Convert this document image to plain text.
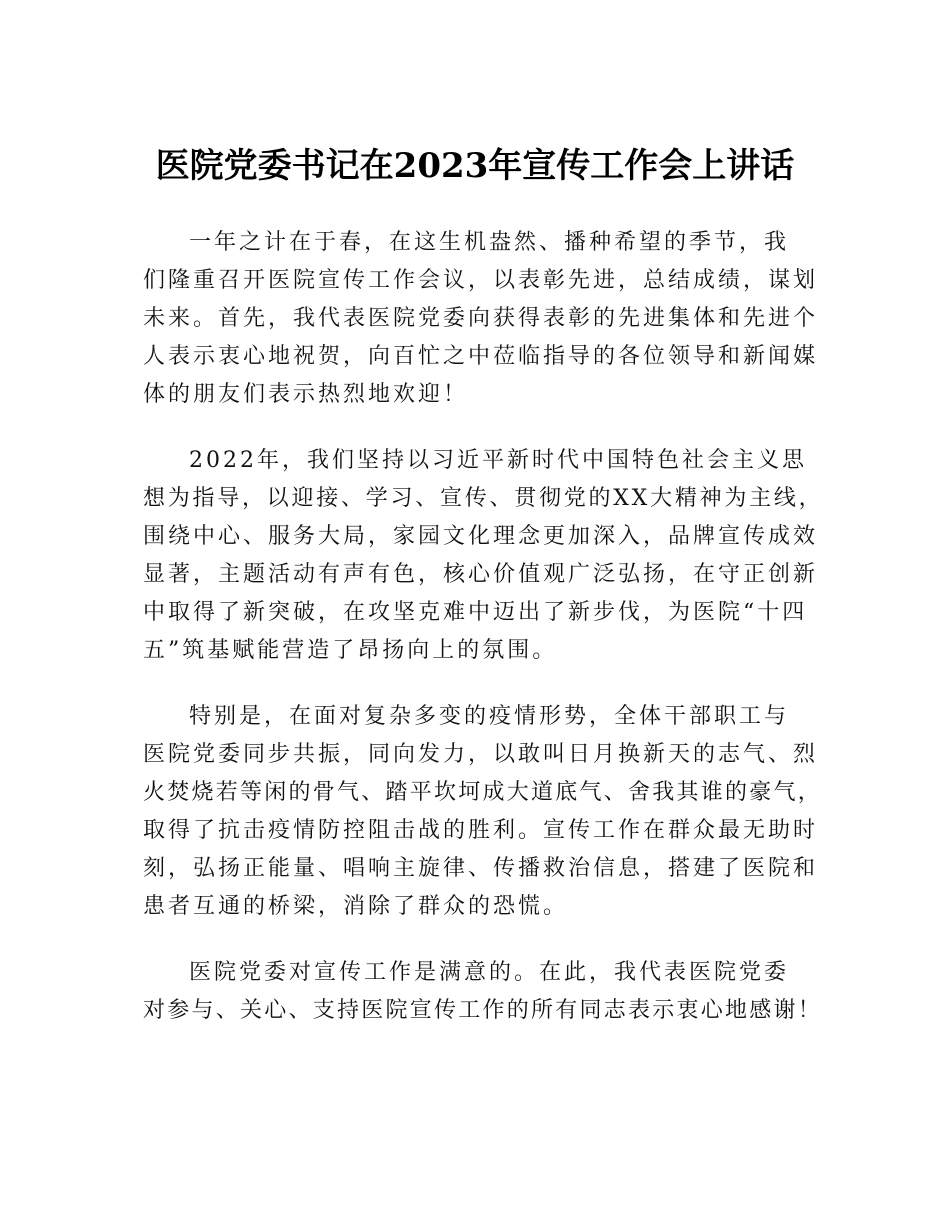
医院党委书记在2023年宣传工作会上讲话

一年之计在于春，在这生机盎然、播种希望的季节，我
们隆重召开医院宣传工作会议，以表彰先进，总结成绩，谋划
未来。首先，我代表医院党委向获得表彰的先进集体和先进个
人表示衷心地祝贺，向百忙之中莅临指导的各位领导和新闻媒
体的朋友们表示热烈地欢迎！

2022年，我们坚持以习近平新时代中国特色社会主义思
想为指导，以迎接、学习、宣传、贯彻党的XX大精神为主线，
围绕中心、服务大局，家园文化理念更加深入，品牌宣传成效
显著，主题活动有声有色，核心价值观广泛弘扬，在守正创新
中取得了新突破，在攻坚克难中迈出了新步伐，为医院“十四
五”筑基赋能营造了昂扬向上的氛围。

特别是，在面对复杂多变的疫情形势，全体干部职工与
医院党委同步共振，同向发力，以敢叫日月换新天的志气、烈
火焚烧若等闲的骨气、踏平坎坷成大道底气、舍我其谁的豪气，
取得了抗击疫情防控阻击战的胜利。宣传工作在群众最无助时
刻，弘扬正能量、唱响主旋律、传播救治信息，搭建了医院和
患者互通的桥梁，消除了群众的恐慌。

医院党委对宣传工作是满意的。在此，我代表医院党委
对参与、关心、支持医院宣传工作的所有同志表示衷心地感谢！
